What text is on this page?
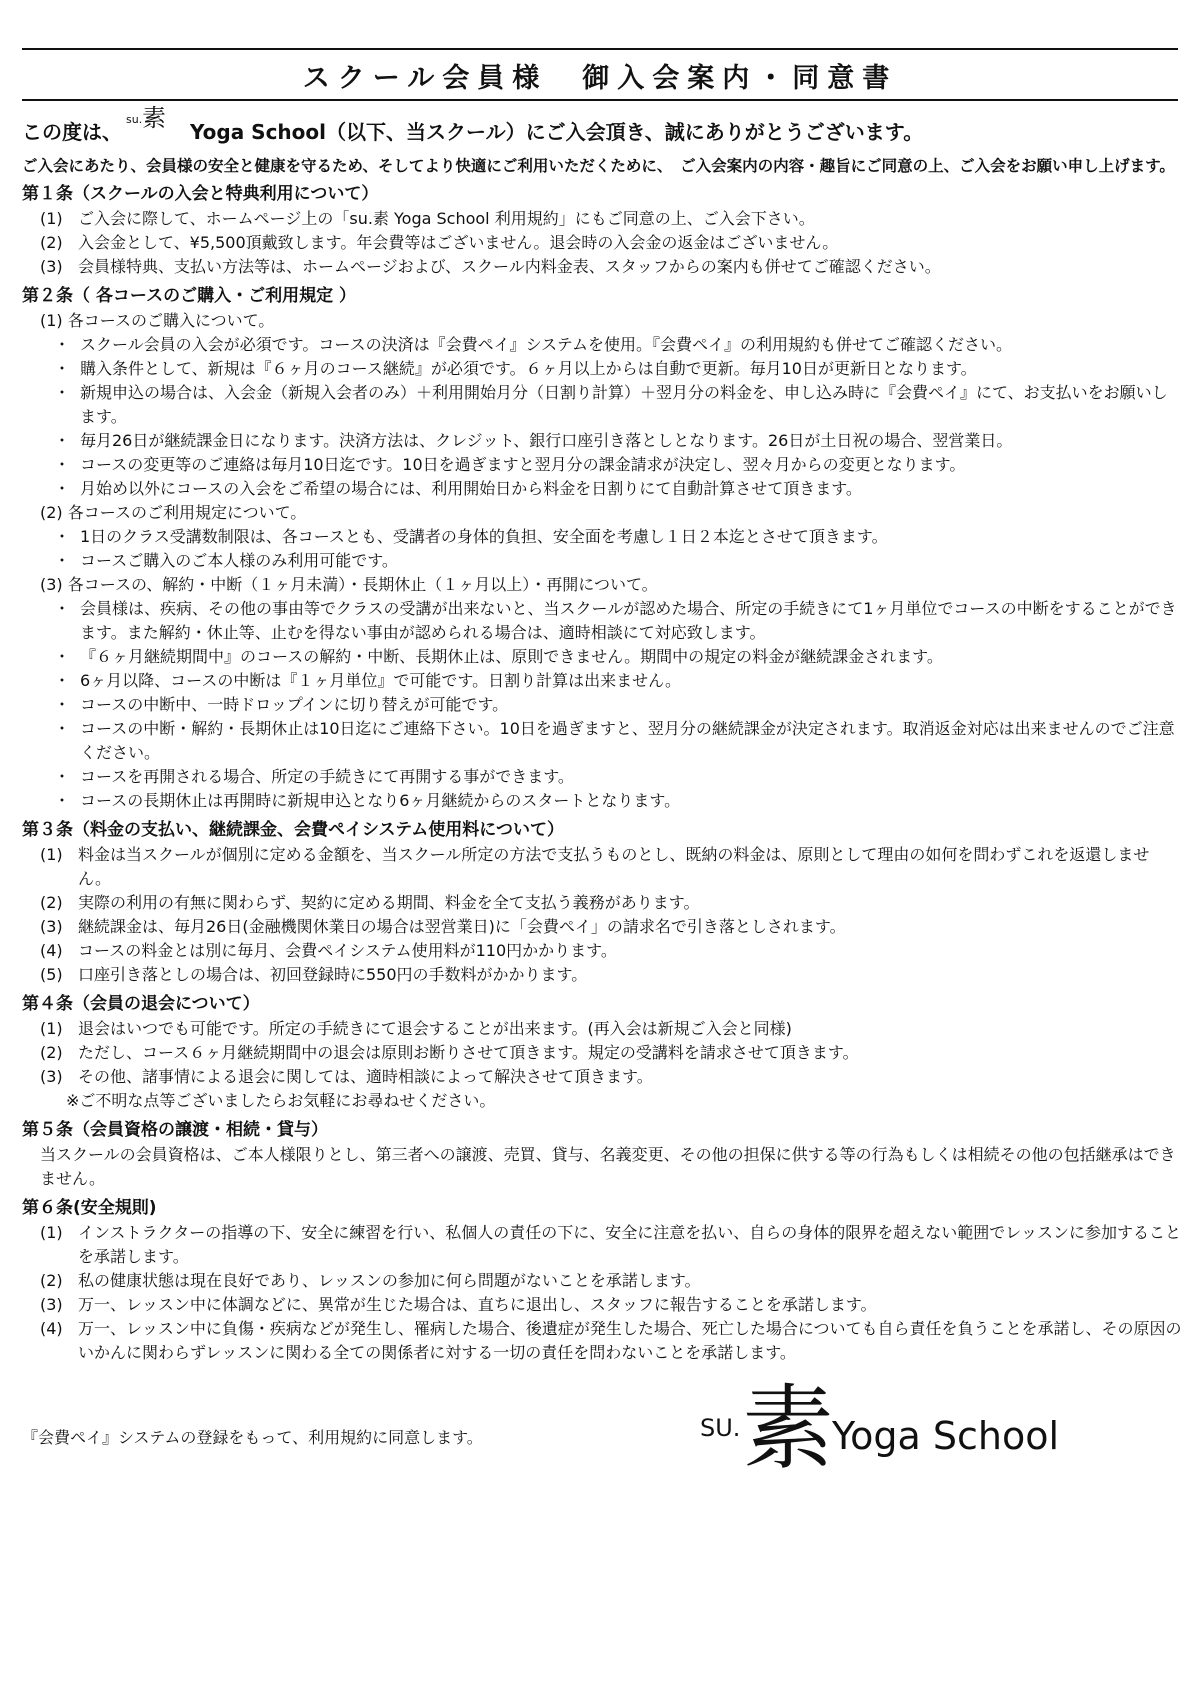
スクール会員様　御入会案内・同意書
この度は、
su. 素 Yoga School（以下、当スクール）にご入会頂き、誠にありがとうございます。
ご入会にあたり、会員様の安全と健康を守るため、そしてより快適にご利用いただくために、　ご入会案内の内容・趣旨にご同意の上、ご入会をお願い申し上げます。
第１条（スクールの入会と特典利用について）
(1) ご入会に際して、ホームページ上の「su.素 Yoga School 利用規約」にもご同意の上、ご入会下さい。
(2) 入会金として、¥5,500頂戴致します。年会費等はございません。退会時の入会金の返金はございません。
(3) 会員様特典、支払い方法等は、ホームページおよび、スクール内料金表、スタッフからの案内も併せてご確認ください。
第２条（ 各コースのご購入・ご利用規定 ）
(1) 各コースのご購入について。
・ スクール会員の入会が必須です。コースの決済は『会費ペイ』システムを使用。『会費ペイ』の利用規約も併せてご確認ください。
・ 購入条件として、新規は『６ヶ月のコース継続』が必須です。６ヶ月以上からは自動で更新。毎月10日が更新日となります。
・ 新規申込の場合は、入会金（新規入会者のみ）＋利用開始月分（日割り計算）＋翌月分の料金を、申し込み時に『会費ペイ』にて、お支払いをお願いします。
・ 毎月26日が継続課金日になります。決済方法は、クレジット、銀行口座引き落としとなります。26日が土日祝の場合、翌営業日。
・ コースの変更等のご連絡は毎月10日迄です。10日を過ぎますと翌月分の課金請求が決定し、翌々月からの変更となります。
・ 月始め以外にコースの入会をご希望の場合には、利用開始日から料金を日割りにて自動計算させて頂きます。
(2) 各コースのご利用規定について。
・ 1日のクラス受講数制限は、各コースとも、受講者の身体的負担、安全面を考慮し１日２本迄とさせて頂きます。
・ コースご購入のご本人様のみ利用可能です。
(3) 各コースの、解約・中断（１ヶ月未満）・長期休止（１ヶ月以上）・再開について。
・ 会員様は、疾病、その他の事由等でクラスの受講が出来ないと、当スクールが認めた場合、所定の手続きにて1ヶ月単位でコースの中断をすることができます。また解約・休止等、止むを得ない事由が認められる場合は、適時相談にて対応致します。
・ 『６ヶ月継続期間中』のコースの解約・中断、長期休止は、原則できません。期間中の規定の料金が継続課金されます。
・ 6ヶ月以降、コースの中断は『１ヶ月単位』で可能です。日割り計算は出来ません。
・ コースの中断中、一時ドロップインに切り替えが可能です。
・ コースの中断・解約・長期休止は10日迄にご連絡下さい。10日を過ぎますと、翌月分の継続課金が決定されます。取消返金対応は出来ませんのでご注意ください。
・ コースを再開される場合、所定の手続きにて再開する事ができます。
・ コースの長期休止は再開時に新規申込となり6ヶ月継続からのスタートとなります。
第３条（料金の支払い、継続課金、会費ペイシステム使用料について）
(1) 料金は当スクールが個別に定める金額を、当スクール所定の方法で支払うものとし、既納の料金は、原則として理由の如何を問わずこれを返還しません。
(2) 実際の利用の有無に関わらず、契約に定める期間、料金を全て支払う義務があります。
(3) 継続課金は、毎月26日(金融機関休業日の場合は翌営業日)に「会費ペイ」の請求名で引き落としされます。
(4) コースの料金とは別に毎月、会費ペイシステム使用料が110円かかります。
(5) 口座引き落としの場合は、初回登録時に550円の手数料がかかります。
第４条（会員の退会について）
(1) 退会はいつでも可能です。所定の手続きにて退会することが出来ます。(再入会は新規ご入会と同様)
(2) ただし、コース６ヶ月継続期間中の退会は原則お断りさせて頂きます。規定の受講料を請求させて頂きます。
(3) その他、諸事情による退会に関しては、適時相談によって解決させて頂きます。
※ご不明な点等ございましたらお気軽にお尋ねせください。
第５条（会員資格の譲渡・相続・貸与）
当スクールの会員資格は、ご本人様限りとし、第三者への譲渡、売買、貸与、名義変更、その他の担保に供する等の行為もしくは相続その他の包括継承はできません。
第６条(安全規則)
(1) インストラクターの指導の下、安全に練習を行い、私個人の責任の下に、安全に注意を払い、自らの身体的限界を超えない範囲でレッスンに参加することを承諾します。
(2) 私の健康状態は現在良好であり、レッスンの参加に何ら問題がないことを承諾します。
(3) 万一、レッスン中に体調などに、異常が生じた場合は、直ちに退出し、スタッフに報告することを承諾します。
(4) 万一、レッスン中に負傷・疾病などが発生し、罹病した場合、後遺症が発生した場合、死亡した場合についても自ら責任を負うことを承諾し、その原因のいかんに関わらずレッスンに関わる全ての関係者に対する一切の責任を問わないことを承諾します。
『会費ペイ』システムの登録をもって、利用規約に同意します。	SU. 素
Yoga School
